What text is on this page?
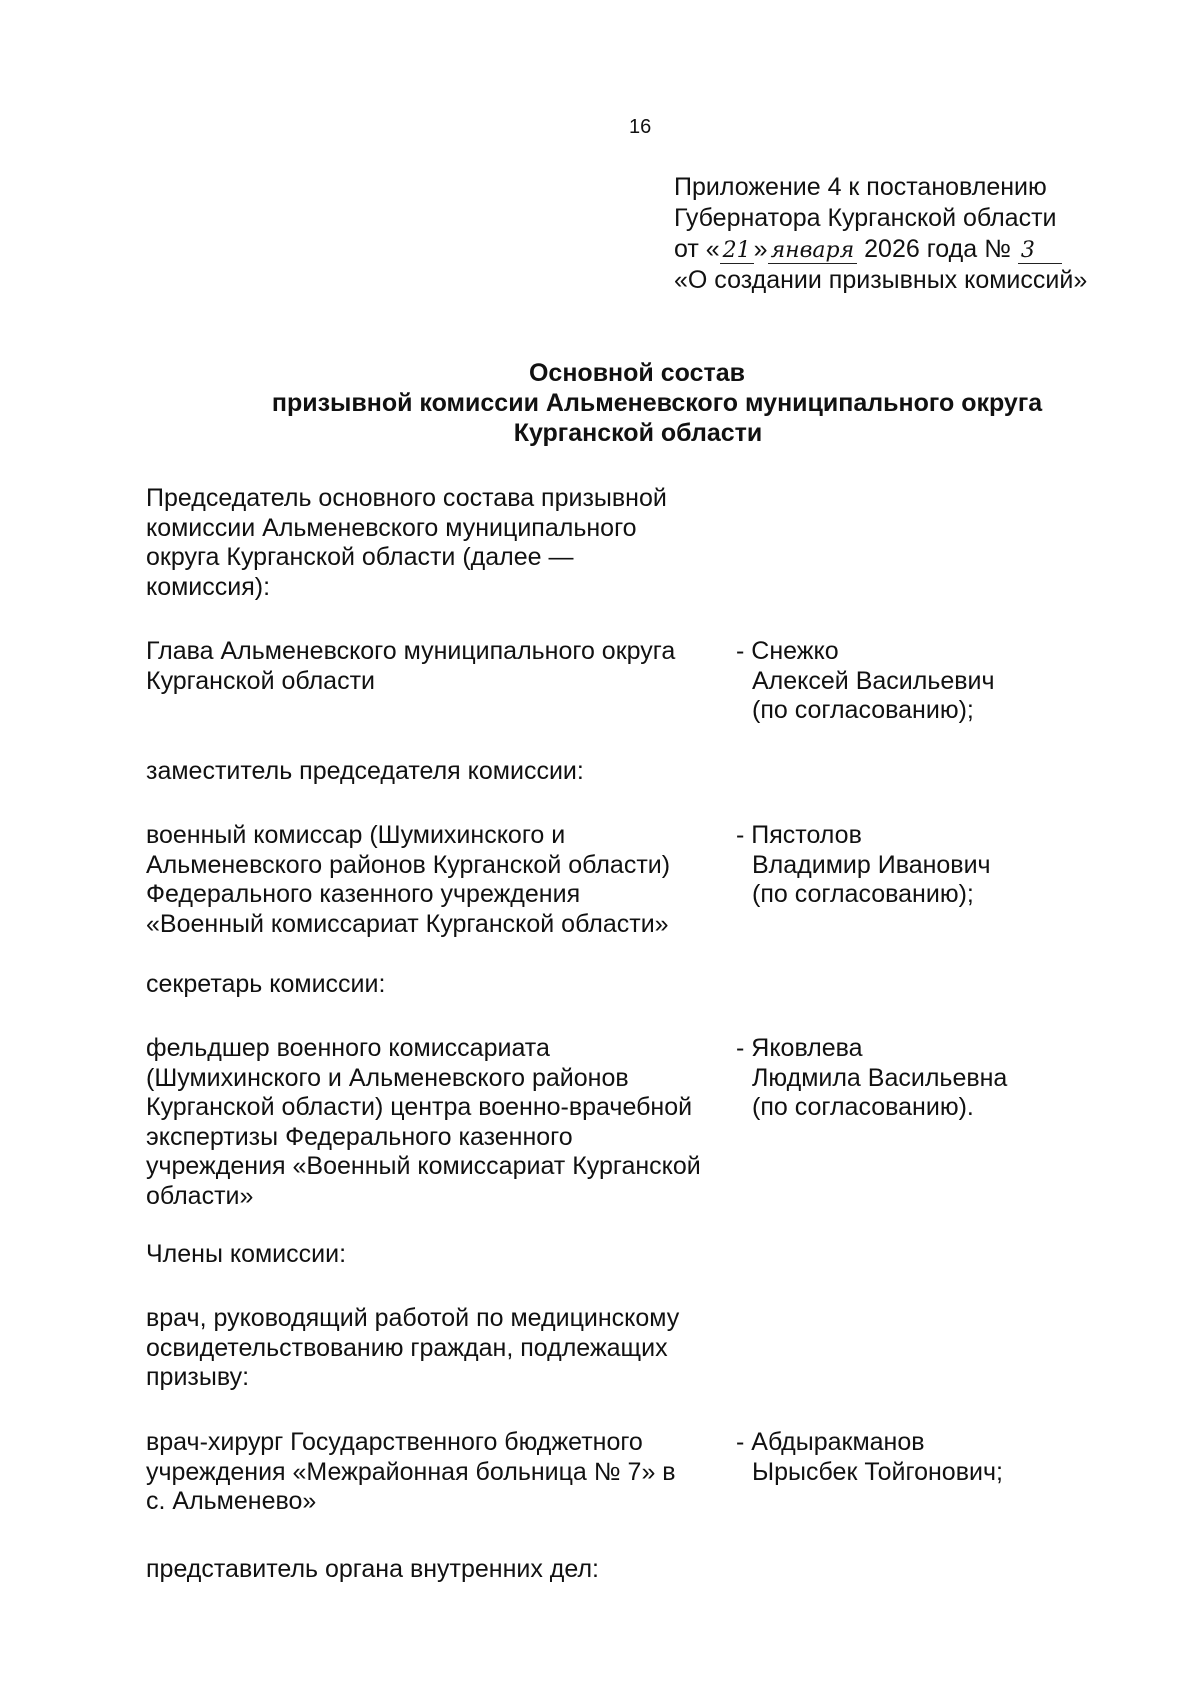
16
Приложение 4 к постановлению
Губернатора Курганской области
от « 21 » января 2026 года № 3
«О создании призывных комиссий»
Основной состав
призывной комиссии Альменевского муниципального округа
Курганской области
Председатель основного состава призывной
комиссии Альменевского муниципального
округа Курганской области (далее —
комиссия):
Глава Альменевского муниципального округа
Курганской области
- Снежко
Алексей Васильевич
(по согласованию);
заместитель председателя комиссии:
военный комиссар (Шумихинского и
Альменевского районов Курганской области)
Федерального казенного учреждения
«Военный комиссариат Курганской области»
- Пястолов
Владимир Иванович
(по согласованию);
секретарь комиссии:
фельдшер военного комиссариата
(Шумихинского и Альменевского районов
Курганской области) центра военно-врачебной
экспертизы Федерального казенного
учреждения «Военный комиссариат Курганской
области»
- Яковлева
Людмила Васильевна
(по согласованию).
Члены комиссии:
врач, руководящий работой по медицинскому
освидетельствованию граждан, подлежащих
призыву:
врач-хирург Государственного бюджетного
учреждения «Межрайонная больница № 7» в
с. Альменево»
- Абдыракманов
Ырысбек Тойгонович;
представитель органа внутренних дел:
